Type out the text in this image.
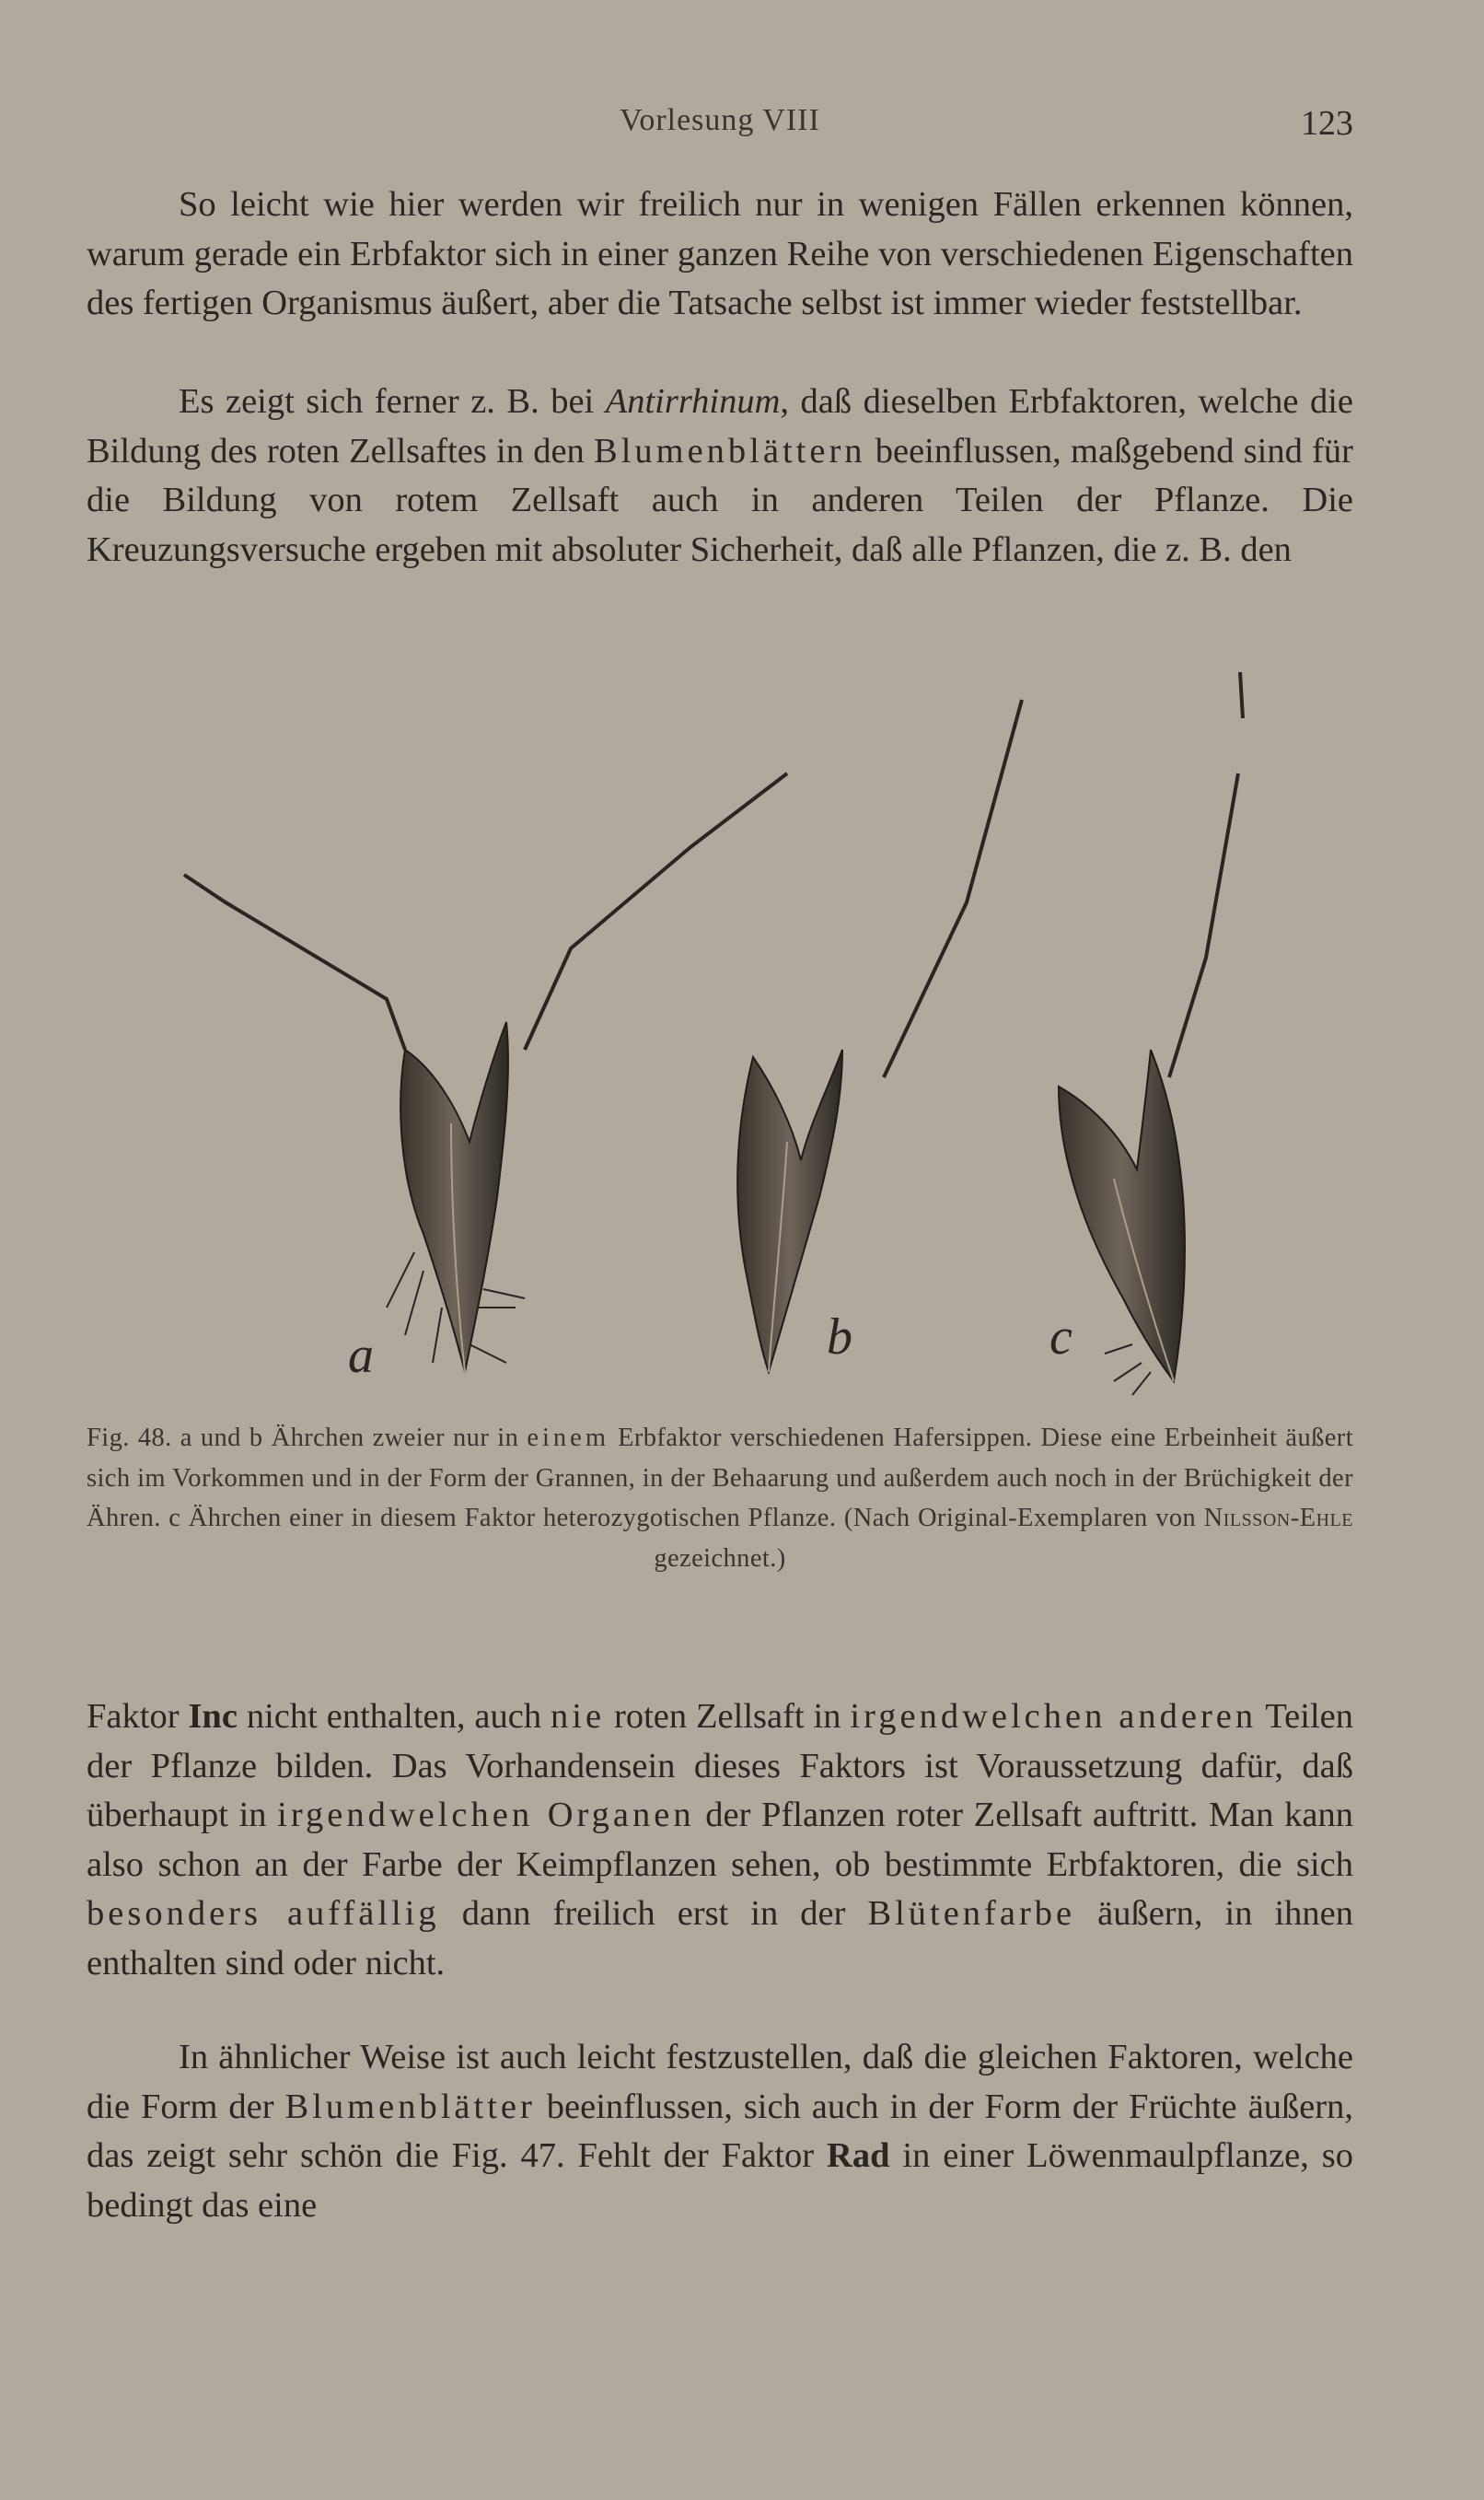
Vorlesung VIII	123

So leicht wie hier werden wir freilich nur in wenigen Fällen erkennen können, warum gerade ein Erbfaktor sich in einer ganzen Reihe von verschiedenen Eigenschaften des fertigen Organismus äußert, aber die Tatsache selbst ist immer wieder feststellbar.

Es zeigt sich ferner z. B. bei Antirrhinum, daß dieselben Erbfaktoren, welche die Bildung des roten Zellsaftes in den Blumenblättern beeinflussen, maßgebend sind für die Bildung von rotem Zellsaft auch in anderen Teilen der Pflanze. Die Kreuzungsversuche ergeben mit absoluter Sicherheit, daß alle Pflanzen, die z. B. den

a	b	c

Fig. 48. a und b Ährchen zweier nur in einem Erbfaktor verschiedenen Hafersippen. Diese eine Erbeinheit äußert sich im Vorkommen und in der Form der Grannen, in der Behaarung und außerdem auch noch in der Brüchigkeit der Ähren. c Ährchen einer in diesem Faktor heterozygotischen Pflanze. (Nach Original-Exemplaren von Nilsson-Ehle gezeichnet.)

Faktor Inc nicht enthalten, auch nie roten Zellsaft in irgendwelchen anderen Teilen der Pflanze bilden. Das Vorhandensein dieses Faktors ist Voraussetzung dafür, daß überhaupt in irgendwelchen Organen der Pflanzen roter Zellsaft auftritt. Man kann also schon an der Farbe der Keimpflanzen sehen, ob bestimmte Erbfaktoren, die sich besonders auffällig dann freilich erst in der Blütenfarbe äußern, in ihnen enthalten sind oder nicht.

In ähnlicher Weise ist auch leicht festzustellen, daß die gleichen Faktoren, welche die Form der Blumenblätter beeinflussen, sich auch in der Form der Früchte äußern, das zeigt sehr schön die Fig. 47. Fehlt der Faktor Rad in einer Löwenmaulpflanze, so bedingt das eine
